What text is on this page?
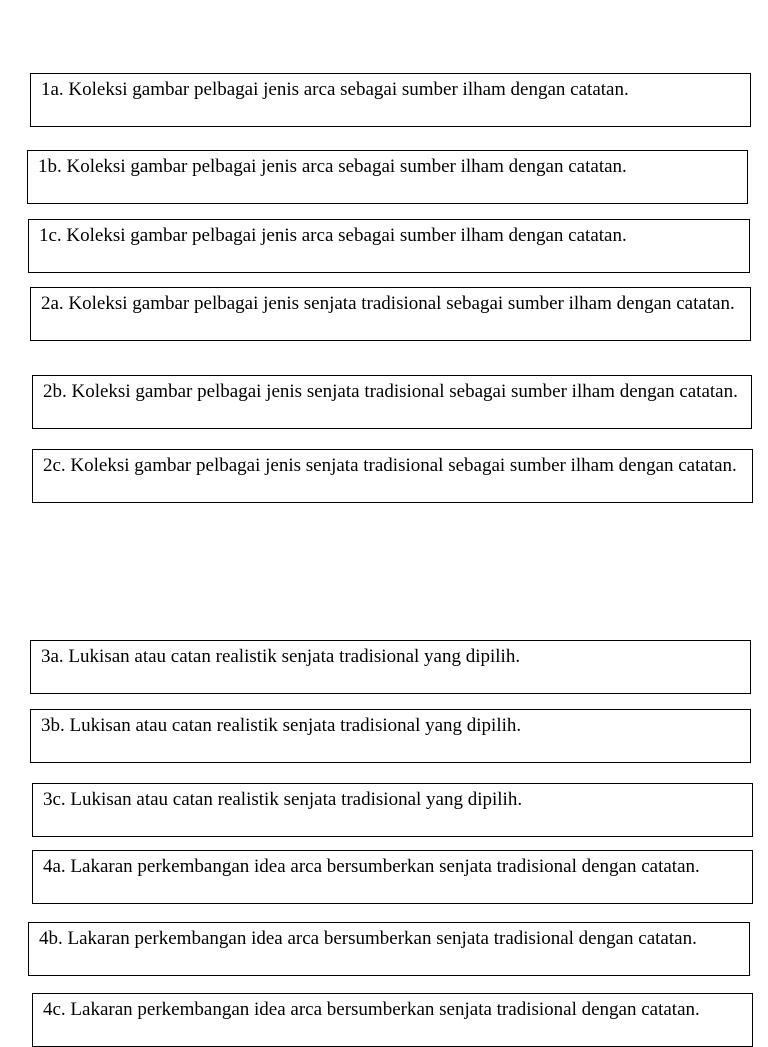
1a. Koleksi gambar pelbagai jenis arca sebagai sumber ilham dengan catatan.
1b. Koleksi gambar pelbagai jenis arca sebagai sumber ilham dengan catatan.
1c. Koleksi gambar pelbagai jenis arca sebagai sumber ilham dengan catatan.
2a. Koleksi gambar pelbagai jenis senjata tradisional sebagai sumber ilham dengan catatan.
2b. Koleksi gambar pelbagai jenis senjata tradisional sebagai sumber ilham dengan catatan.
2c. Koleksi gambar pelbagai jenis senjata tradisional sebagai sumber ilham dengan catatan.
3a. Lukisan atau catan realistik senjata tradisional yang dipilih.
3b. Lukisan atau catan realistik senjata tradisional yang dipilih.
3c. Lukisan atau catan realistik senjata tradisional yang dipilih.
4a. Lakaran perkembangan idea arca bersumberkan senjata tradisional dengan catatan.
4b. Lakaran perkembangan idea arca bersumberkan senjata tradisional dengan catatan.
4c. Lakaran perkembangan idea arca bersumberkan senjata tradisional dengan catatan.
